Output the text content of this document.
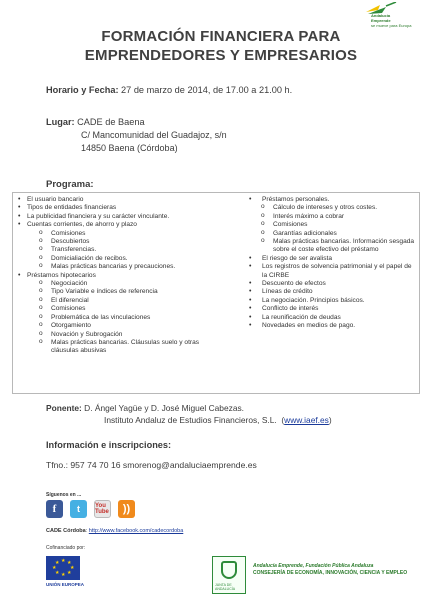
Andalucía
Emprende
se mueve para Europa
FORMACIÓN FINANCIERA PARA
EMPRENDEDORES Y EMPRESARIOS
Horario y Fecha: 27 de marzo de 2014, de 17.00 a 21.00 h.
Lugar: CADE de Baena
C/ Mancomunidad del Guadajoz, s/n
14850 Baena (Córdoba)
Programa:
• El usuario bancario
• Tipos de entidades financieras
• La publicidad financiera y su carácter vinculante.
• Cuentas corrientes, de ahorro y plazo
o Comisiones
o Descubiertos
o Transferencias.
o Domicialiación de recibos.
o Malas prácticas bancarias y precauciones.
• Préstamos hipotecarios
o Negociación
o Tipo Variable e índices de referencia
o El diferencial
o Comisiones
o Problemática de las vinculaciones
o Otorgamiento
o Novación y Subrogación
o Malas prácticas bancarias. Cláusulas suelo y otras cláusulas abusivas
• Préstamos personales.
o Cálculo de intereses y otros costes.
o Interés máximo a cobrar
o Comisiones
o Garantías adicionales
o Malas prácticas bancarias. Información sesgada sobre el coste efectivo del préstamo
• El riesgo de ser avalista
• Los registros de solvencia patrimonial y el papel de la CIRBE
• Descuento de efectos
• Líneas de crédito
• La negociación. Principios básicos.
• Conflicto de interés
• La reunificación de deudas
• Novedades en medios de pago.
Ponente: D. Ángel Yagüe y D. José Miguel Cabezas.
Instituto Andaluz de Estudios Financieros, S.L.  (www.iaef.es)
Información e inscripciones:
Tfno.: 957 74 70 16 smorenog@andaluciaemprende.es
Síguenos en ...
f	t	You Tube	))
CADE Córdoba: http://www.facebook.com/cadecordoba
Cofinanciado por:
★ ★
★
★
★
★
★
★
UNIÓN EUROPEA	JUNTA DE ANDALUCÍA
Andalucía Emprende, Fundación Pública Andaluza
CONSEJERÍA DE ECONOMÍA, INNOVACIÓN, CIENCIA Y EMPLEO
